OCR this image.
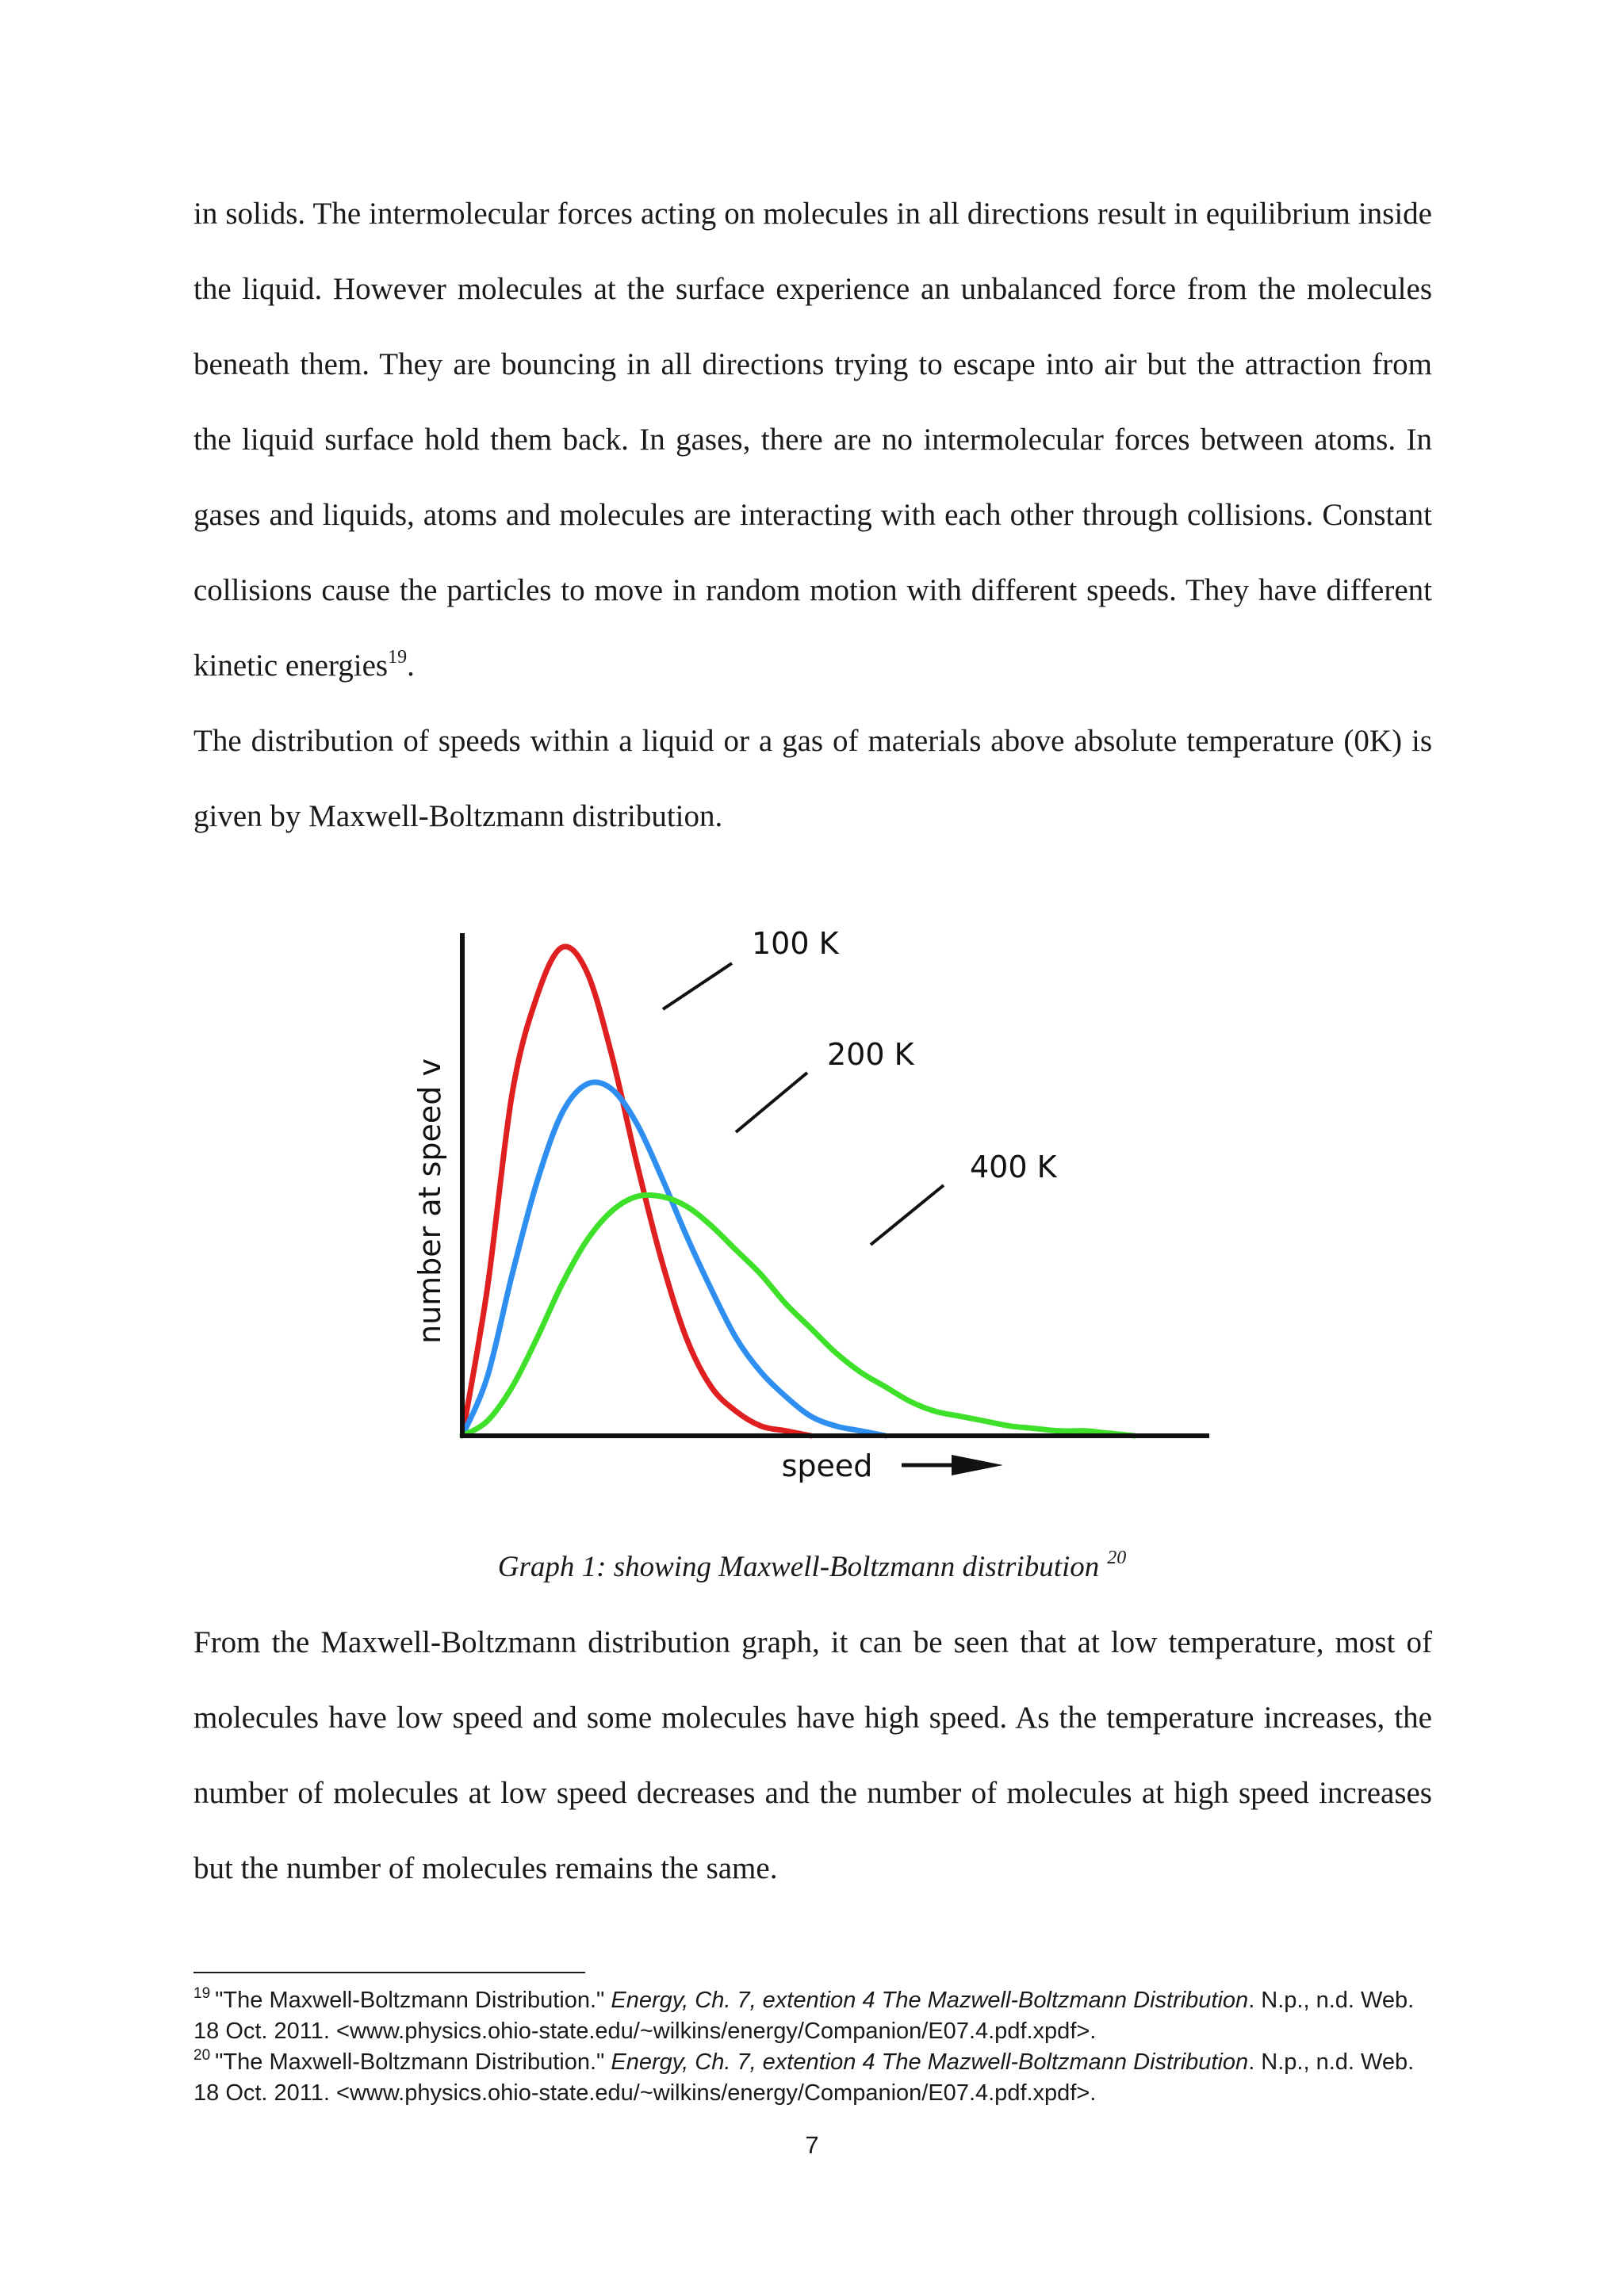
in solids. The intermolecular forces acting on molecules in all directions result in equilibrium inside the liquid. However molecules at the surface experience an unbalanced force from the molecules beneath them. They are bouncing in all directions trying to escape into air but the attraction from the liquid surface hold them back. In gases, there are no intermolecular forces between atoms. In gases and liquids, atoms and molecules are interacting with each other through collisions. Constant collisions cause the particles to move in random motion with different speeds. They have different kinetic energies$^{19}$.

The distribution of speeds within a liquid or a gas of materials above absolute temperature (0K) is given by Maxwell-Boltzmann distribution.

number at speed v
speed
100 K
200 K
400 K

Graph 1: showing Maxwell-Boltzmann distribution $^{20}$

From the Maxwell-Boltzmann distribution graph, it can be seen that at low temperature, most of molecules have low speed and some molecules have high speed. As the temperature increases, the number of molecules at low speed decreases and the number of molecules at high speed increases but the number of molecules remains the same.

$^{19}$ "The Maxwell-Boltzmann Distribution." Energy, Ch. 7, extention 4 The Mazwell-Boltzmann Distribution. N.p., n.d. Web. 18 Oct. 2011. <www.physics.ohio-state.edu/~wilkins/energy/Companion/E07.4.pdf.xpdf>.

$^{20}$ "The Maxwell-Boltzmann Distribution." Energy, Ch. 7, extention 4 The Mazwell-Boltzmann Distribution. N.p., n.d. Web. 18 Oct. 2011. <www.physics.ohio-state.edu/~wilkins/energy/Companion/E07.4.pdf.xpdf>.

7
